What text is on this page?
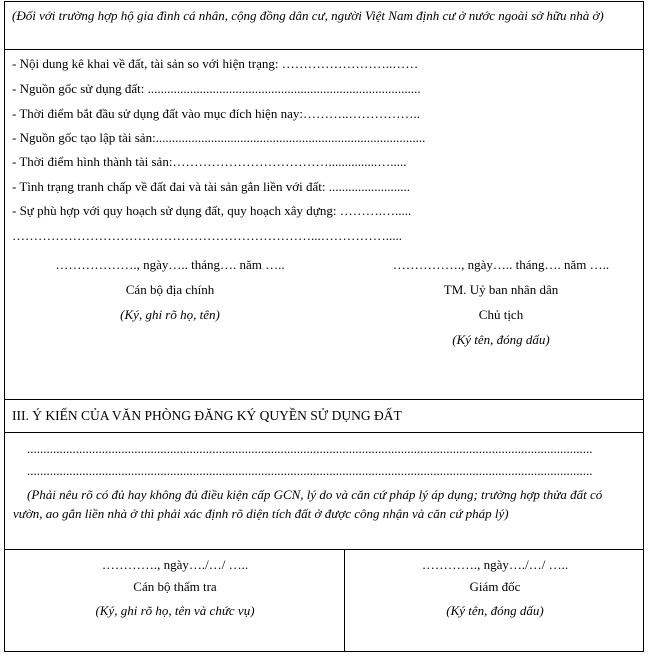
(Đối với trường hợp hộ gia đình cá nhân, cộng đồng dân cư, người Việt Nam định cư ở nước ngoài sở hữu nhà ở)
- Nội dung kê khai về đất, tài sản so với hiện trạng: ……………………..……
- Nguồn gốc sử dụng đất: ....................................................................................
- Thời điểm bắt đầu sử dụng đất vào mục đích hiện nay:………..……………..
- Nguồn gốc tạo lập tài sản:...................................................................................
- Thời điểm hình thành tài sản:………………………………...............….....
- Tình trạng tranh chấp về đất đai và tài sản gắn liền với đất: .........................
- Sự phù hợp với quy hoạch sử dụng đất, quy hoạch xây dựng: ……….….....
……………………………………………………………...…………….....
………………., ngày….. tháng…. năm …..
Cán bộ địa chính
(Ký, ghi rõ họ, tên)
……………., ngày….. tháng…. năm …..
TM. Uỷ ban nhân dân
Chủ tịch
(Ký tên, đóng dấu)
III. Ý KIẾN CỦA VĂN PHÒNG ĐĂNG KÝ QUYỀN SỬ DỤNG ĐẤT
..............................................................................................................................................................................
..............................................................................................................................................................................
(Phải nêu rõ có đủ hay không đủ điều kiện cấp GCN, lý do và căn cứ pháp lý áp dụng; trường hợp thửa đất có vườn, ao gắn liền nhà ở thì phải xác định rõ diện tích đất ở được công nhận và căn cứ pháp lý)
…………., ngày…./…/ …..
Cán bộ thẩm tra
(Ký, ghi rõ họ, tên và chức vụ)
…………., ngày…./…/ …..
Giám đốc
(Ký tên, đóng dấu)
